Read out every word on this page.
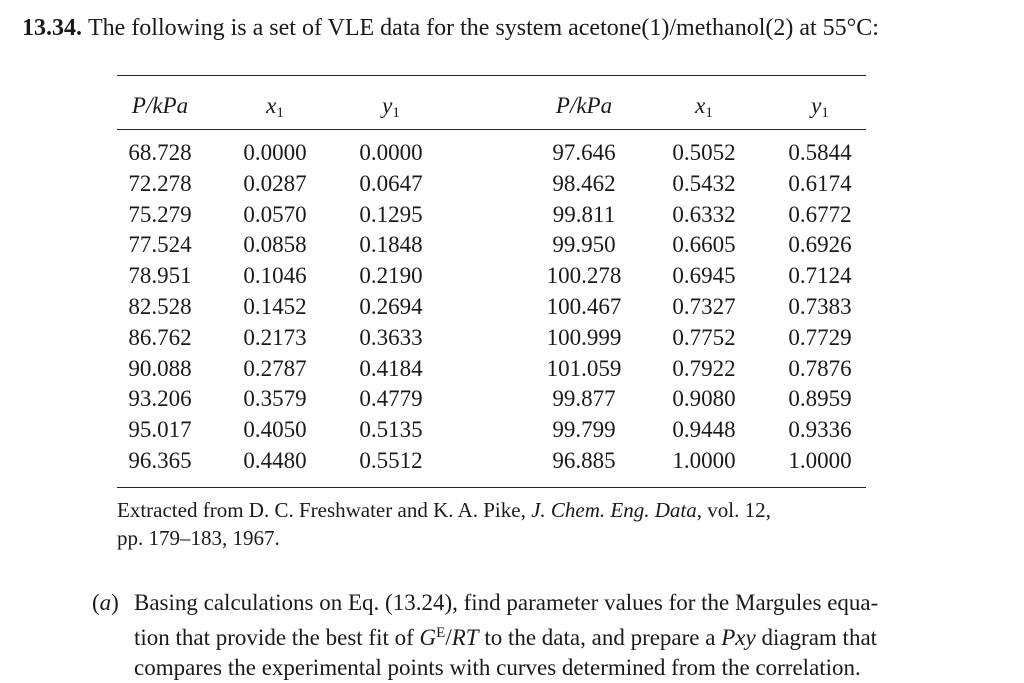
13.34. The following is a set of VLE data for the system acetone(1)/methanol(2) at 55°C:
P/kPa	$x_1$	$y_1$	P/kPa	$x_1$	$y_1$
68.728	0.0000	0.0000	97.646	0.5052	0.5844
72.278	0.0287	0.0647	98.462	0.5432	0.6174
75.279	0.0570	0.1295	99.811	0.6332	0.6772
77.524	0.0858	0.1848	99.950	0.6605	0.6926
78.951	0.1046	0.2190	100.278	0.6945	0.7124
82.528	0.1452	0.2694	100.467	0.7327	0.7383
86.762	0.2173	0.3633	100.999	0.7752	0.7729
90.088	0.2787	0.4184	101.059	0.7922	0.7876
93.206	0.3579	0.4779	99.877	0.9080	0.8959
95.017	0.4050	0.5135	99.799	0.9448	0.9336
96.365	0.4480	0.5512	96.885	1.0000	1.0000
Extracted from D. C. Freshwater and K. A. Pike, J. Chem. Eng. Data, vol. 12,
pp. 179–183, 1967.
(a) Basing calculations on Eq. (13.24), find parameter values for the Margules equa-
tion that provide the best fit of $G^E/RT$ to the data, and prepare a Pxy diagram that
compares the experimental points with curves determined from the correlation.
